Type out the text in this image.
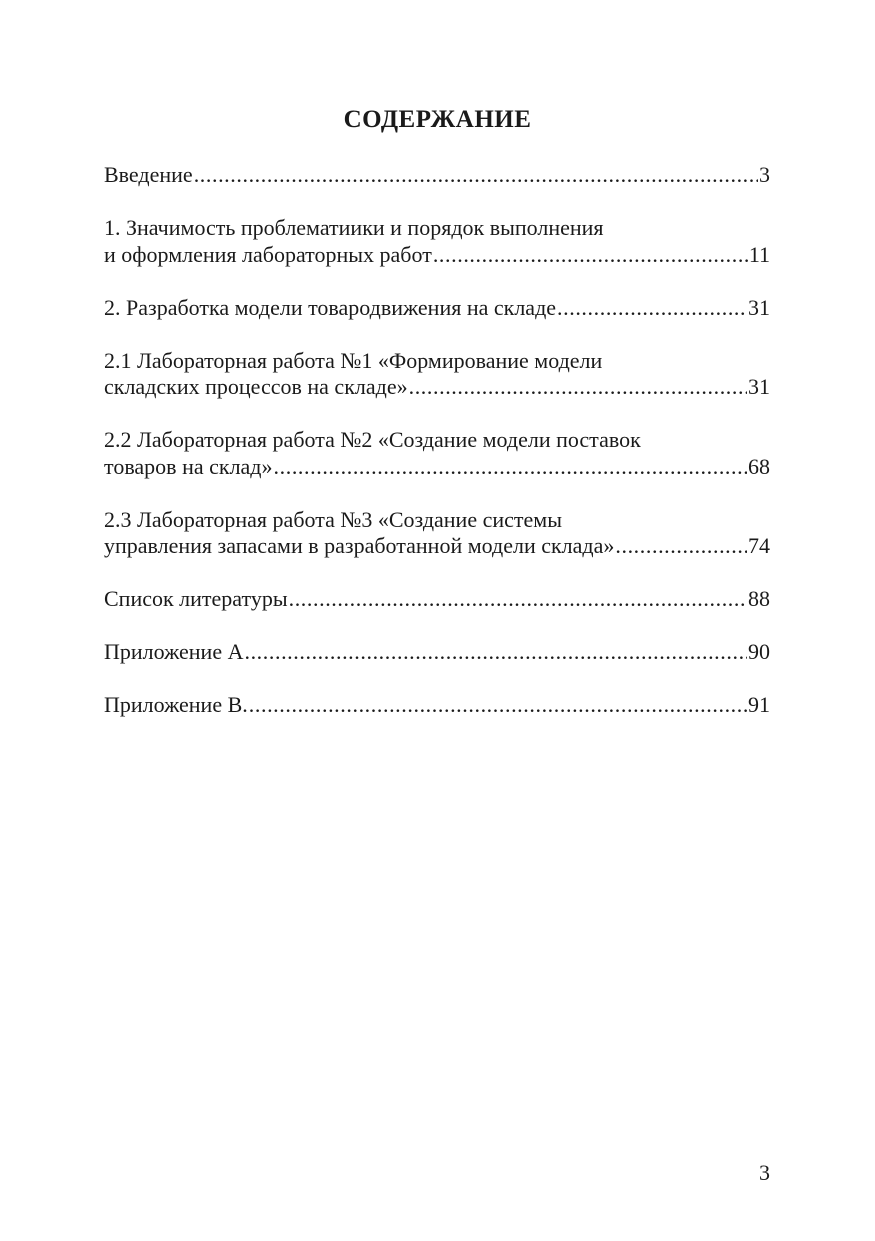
СОДЕРЖАНИЕ
Введение .....	3
1. Значимость проблематиики и порядок выполнения
и оформления лабораторных работ .....	11
2. Разработка модели товародвижения на складе .....	31
2.1 Лабораторная работа №1 «Формирование модели
складских процессов на складе» .....	31
2.2 Лабораторная работа №2 «Создание модели поставок
товаров на склад» .....	68
2.3 Лабораторная работа №3 «Создание системы
управления запасами в разработанной модели склада» .....	74
Список литературы .....	88
Приложение А .....	90
Приложение В. .....	91
3
